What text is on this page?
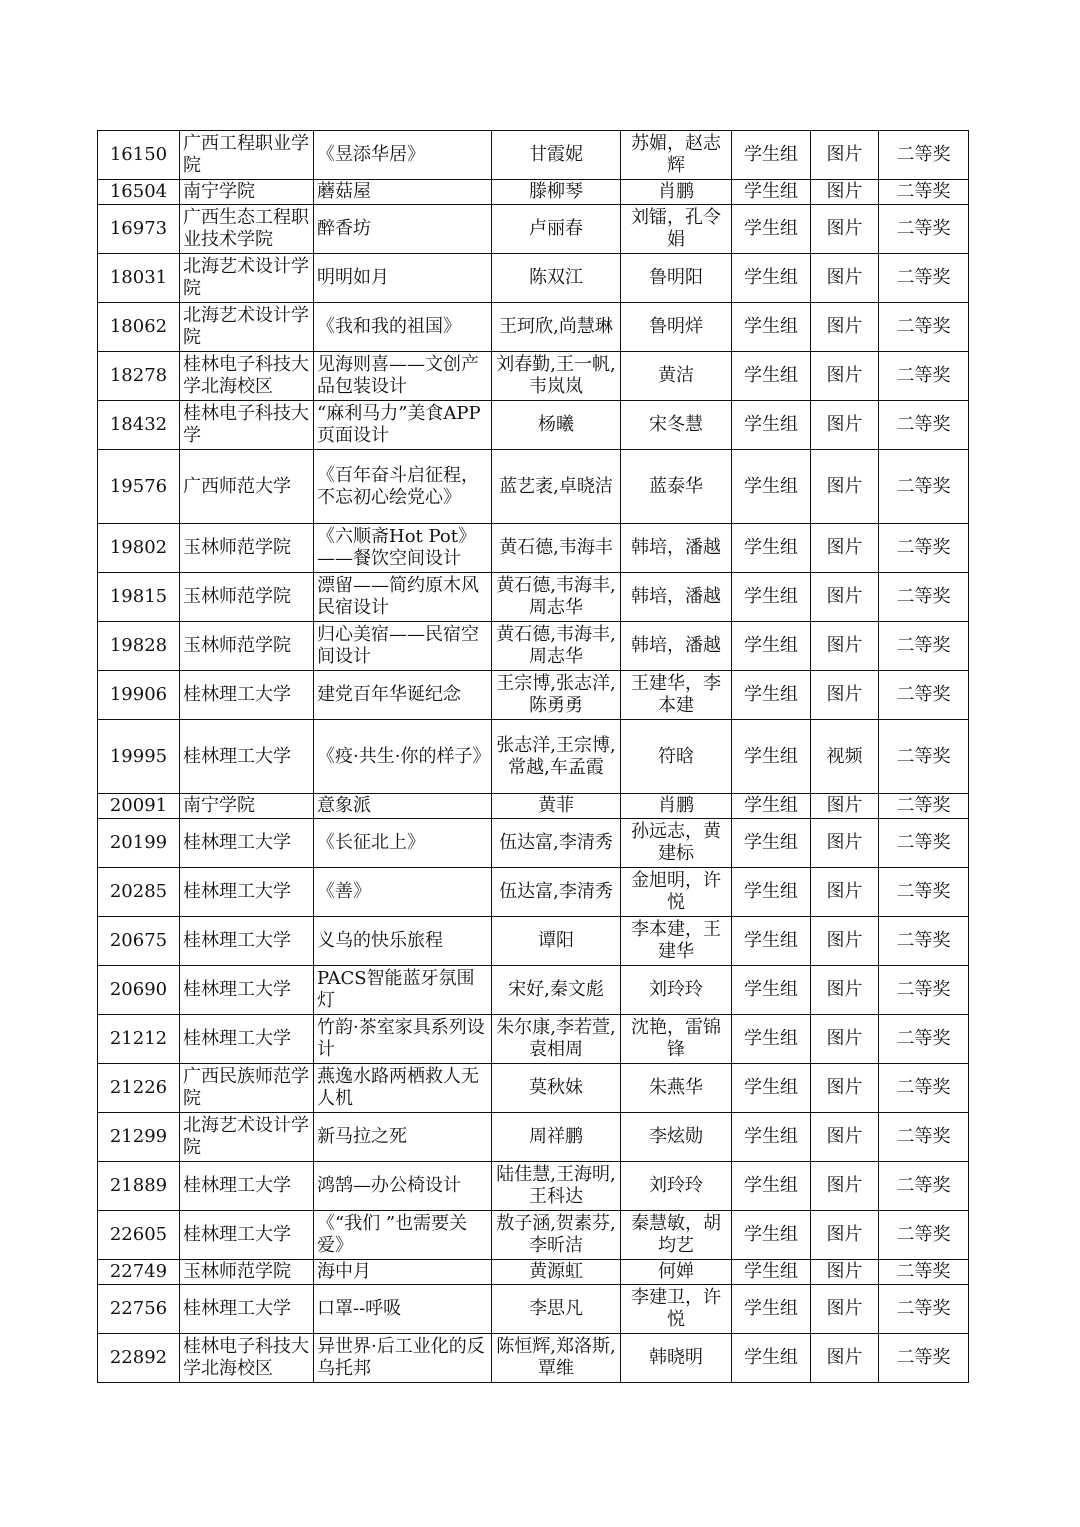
16150	广西工程职业学院	《昱添华居》	甘霞妮	苏媚，赵志辉	学生组	图片	二等奖
16504	南宁学院	蘑菇屋	滕柳琴	肖鹏	学生组	图片	二等奖
16973	广西生态工程职业技术学院	醉香坊	卢丽春	刘镭，孔令娟	学生组	图片	二等奖
18031	北海艺术设计学院	明明如月	陈双江	鲁明阳	学生组	图片	二等奖
18062	北海艺术设计学院	《我和我的祖国》	王珂欣,尚慧琳	鲁明烊	学生组	图片	二等奖
18278	桂林电子科技大学北海校区	见海则喜——文创产品包装设计	刘春勤,王一帆,韦岚岚	黄洁	学生组	图片	二等奖
18432	桂林电子科技大学	“麻利马力”美食APP页面设计	杨曦	宋冬慧	学生组	图片	二等奖
19576	广西师范大学	《百年奋斗启征程，不忘初心绘党心》	蓝艺袤,卓晓洁	蓝泰华	学生组	图片	二等奖
19802	玉林师范学院	《六顺斋Hot Pot》——餐饮空间设计	黄石德,韦海丰	韩培，潘越	学生组	图片	二等奖
19815	玉林师范学院	漂留——简约原木风民宿设计	黄石德,韦海丰,周志华	韩培，潘越	学生组	图片	二等奖
19828	玉林师范学院	归心美宿——民宿空间设计	黄石德,韦海丰,周志华	韩培，潘越	学生组	图片	二等奖
19906	桂林理工大学	建党百年华诞纪念	王宗博,张志洋,陈勇勇	王建华，李本建	学生组	图片	二等奖
19995	桂林理工大学	《疫·共生·你的样子》	张志洋,王宗博,常越,车孟霞	符晗	学生组	视频	二等奖
20091	南宁学院	意象派	黄菲	肖鹏	学生组	图片	二等奖
20199	桂林理工大学	《长征北上》	伍达富,李清秀	孙远志，黄建标	学生组	图片	二等奖
20285	桂林理工大学	《善》	伍达富,李清秀	金旭明，许悦	学生组	图片	二等奖
20675	桂林理工大学	义乌的快乐旅程	谭阳	李本建，王建华	学生组	图片	二等奖
20690	桂林理工大学	PACS智能蓝牙氛围灯	宋好,秦文彪	刘玲玲	学生组	图片	二等奖
21212	桂林理工大学	竹韵·茶室家具系列设计	朱尔康,李若萱,袁相周	沈艳，雷锦锋	学生组	图片	二等奖
21226	广西民族师范学院	燕逸水路两栖救人无人机	莫秋妹	朱燕华	学生组	图片	二等奖
21299	北海艺术设计学院	新马拉之死	周祥鹏	李炫勋	学生组	图片	二等奖
21889	桂林理工大学	鸿鹄—办公椅设计	陆佳慧,王海明,王科达	刘玲玲	学生组	图片	二等奖
22605	桂林理工大学	《“我们 ”也需要关爱》	敖子涵,贺素芬,李昕洁	秦慧敏，胡均艺	学生组	图片	二等奖
22749	玉林师范学院	海中月	黄源虹	何婵	学生组	图片	二等奖
22756	桂林理工大学	口罩--呼吸	李思凡	李建卫，许悦	学生组	图片	二等奖
22892	桂林电子科技大学北海校区	异世界·后工业化的反乌托邦	陈恒辉,郑洛斯,覃维	韩晓明	学生组	图片	二等奖
